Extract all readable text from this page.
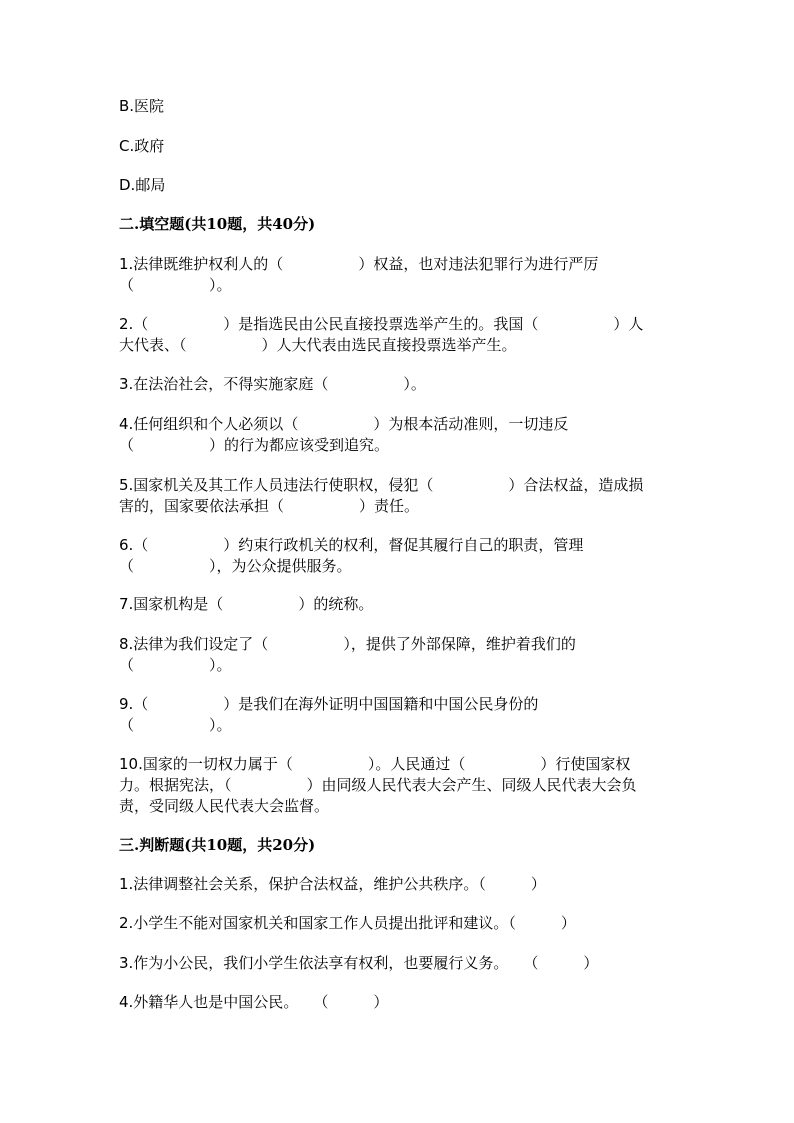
B.医院
C.政府
D.邮局
二.填空题(共10题，共40分)
1.法律既维护权利人的（　　　　　）权益，也对违法犯罪行为进行严厉
（　　　　　）。
2.（　　　　　）是指选民由公民直接投票选举产生的。我国（　　　　　）人
大代表、（　　　　　）人大代表由选民直接投票选举产生。
3.在法治社会，不得实施家庭（　　　　　）。
4.任何组织和个人必须以（　　　　　）为根本活动准则，一切违反
（　　　　　）的行为都应该受到追究。
5.国家机关及其工作人员违法行使职权，侵犯（　　　　　）合法权益，造成损
害的，国家要依法承担（　　　　　）责任。
6.（　　　　　）约束行政机关的权利，督促其履行自己的职责，管理
（　　　　　），为公众提供服务。
7.国家机构是（　　　　　）的统称。
8.法律为我们设定了（　　　　　），提供了外部保障，维护着我们的
（　　　　　）。
9.（　　　　　）是我们在海外证明中国国籍和中国公民身份的
（　　　　　）。
10.国家的一切权力属于（　　　　　）。人民通过（　　　　　）行使国家权
力。根据宪法，（　　　　　）由同级人民代表大会产生、同级人民代表大会负
责，受同级人民代表大会监督。
三.判断题(共10题，共20分)
1.法律调整社会关系，保护合法权益，维护公共秩序。（　　　）
2.小学生不能对国家机关和国家工作人员提出批评和建议。（　　　）
3.作为小公民，我们小学生依法享有权利，也要履行义务。　　（　　　）
4.外籍华人也是中国公民。　　（　　　）
